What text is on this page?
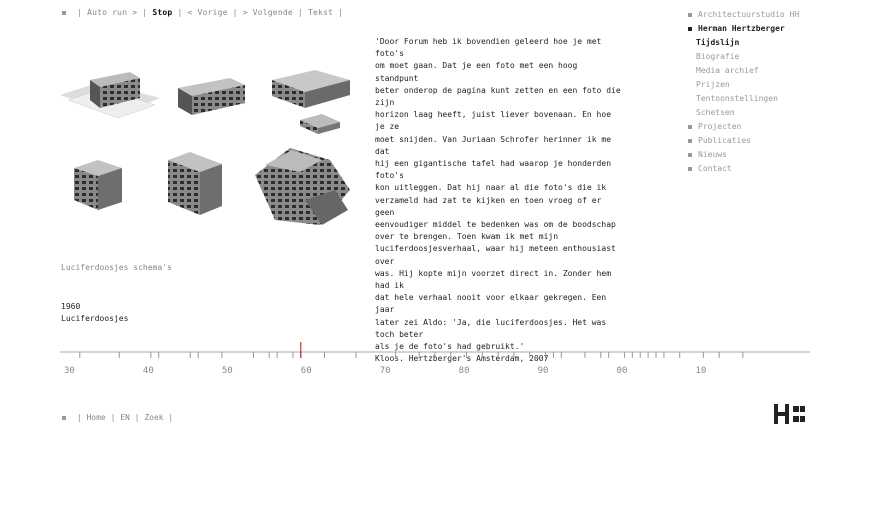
| Auto run > | Stop | < Vorige | > Volgende | Tekst |
'Door Forum heb ik bovendien geleerd hoe je met foto's
om moet gaan. Dat je een foto met een hoog standpunt
beter onderop de pagina kunt zetten en een foto die zijn
horizon laag heeft, juist liever bovenaan. En hoe je ze
moet snijden. Van Juriaan Schrofer herinner ik me dat
hij een gigantische tafel had waarop je honderden foto's
kon uitleggen. Dat hij naar al die foto's die ik
verzameld had zat te kijken en toen vroeg of er geen
eenvoudiger middel te bedenken was om de boodschap
over te brengen. Toen kwam ik met mijn
luciferdoosjesverhaal, waar hij meteen enthousiast over
was. Hij kopte mijn voorzet direct in. Zonder hem had ik
dat hele verhaal nooit voor elkaar gekregen. Een jaar
later zei Aldo: 'Ja, die luciferdoosjes. Het was toch beter
als je de foto's had gebruikt.'
Kloos. Hertzberger's Amsterdam, 2007
Luciferdoosjes schema's
1960
Luciferdoosjes
30	40	50	60	70	80	90	00	10
| Home | EN | Zoek |
Architectuurstudio HH
Herman Hertzberger
Tijdslijn
Biografie
Media archief
Prijzen
Tentoonstellingen
Schetsen
Projecten
Publicaties
Nieuws
Contact
